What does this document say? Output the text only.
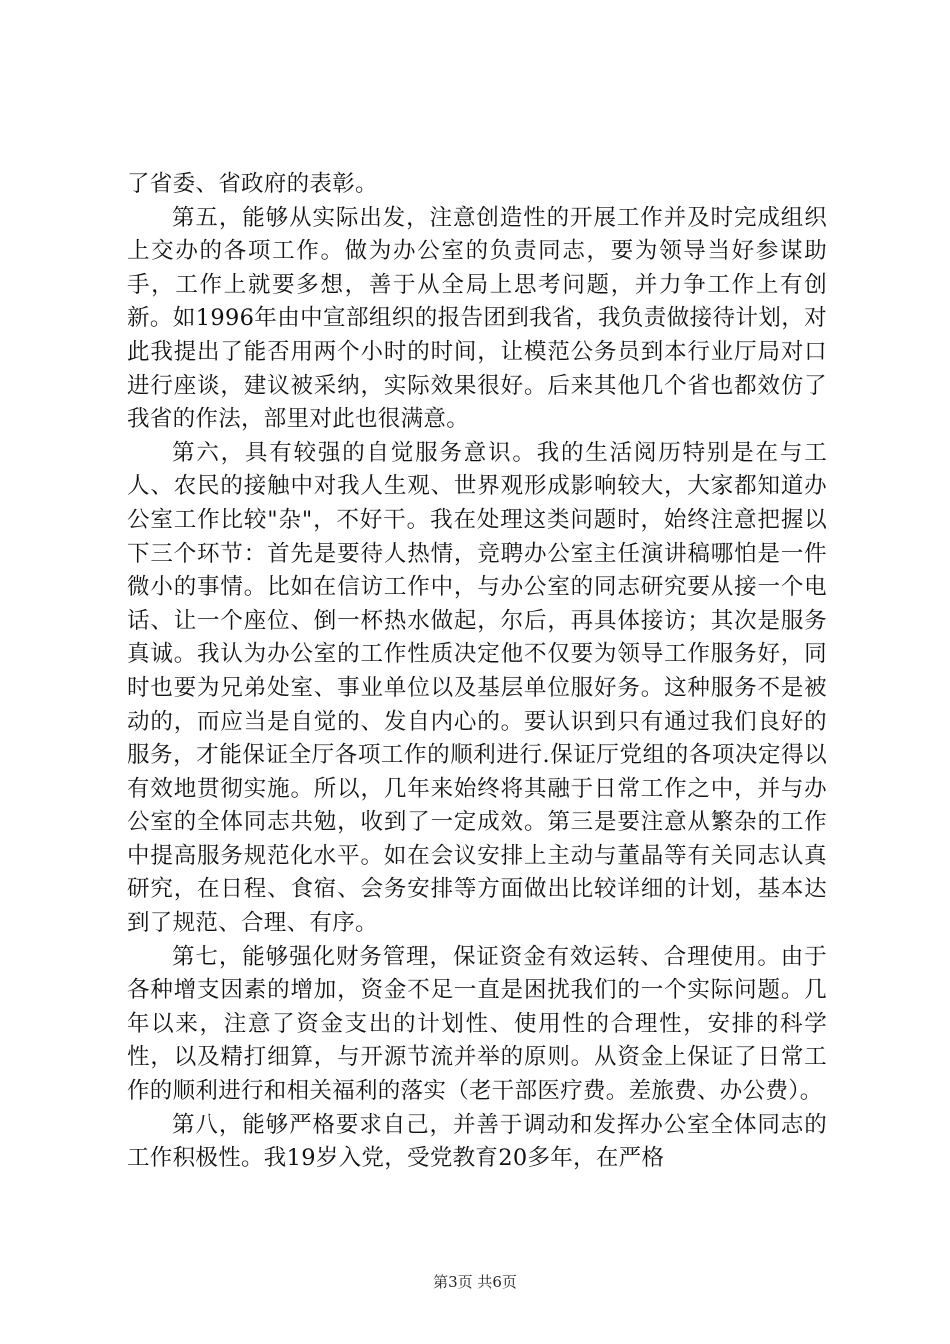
了省委、省政府的表彰。

第五，能够从实际出发，注意创造性的开展工作并及时完成组织上交办的各项工作。做为办公室的负责同志，要为领导当好参谋助手，工作上就要多想，善于从全局上思考问题，并力争工作上有创新。如1996年由中宣部组织的报告团到我省，我负责做接待计划，对此我提出了能否用两个小时的时间，让模范公务员到本行业厅局对口进行座谈，建议被采纳，实际效果很好。后来其他几个省也都效仿了我省的作法，部里对此也很满意。

第六，具有较强的自觉服务意识。我的生活阅历特别是在与工人、农民的接触中对我人生观、世界观形成影响较大，大家都知道办公室工作比较"杂"，不好干。我在处理这类问题时，始终注意把握以下三个环节：首先是要待人热情，竞聘办公室主任演讲稿哪怕是一件微小的事情。比如在信访工作中，与办公室的同志研究要从接一个电话、让一个座位、倒一杯热水做起，尔后，再具体接访；其次是服务真诚。我认为办公室的工作性质决定他不仅要为领导工作服务好，同时也要为兄弟处室、事业单位以及基层单位服好务。这种服务不是被动的，而应当是自觉的、发自内心的。要认识到只有通过我们良好的服务，才能保证全厅各项工作的顺利进行.保证厅党组的各项决定得以有效地贯彻实施。所以，几年来始终将其融于日常工作之中，并与办公室的全体同志共勉，收到了一定成效。第三是要注意从繁杂的工作中提高服务规范化水平。如在会议安排上主动与董晶等有关同志认真研究，在日程、食宿、会务安排等方面做出比较详细的计划，基本达到了规范、合理、有序。

第七，能够强化财务管理，保证资金有效运转、合理使用。由于各种增支因素的增加，资金不足一直是困扰我们的一个实际问题。几年以来，注意了资金支出的计划性、使用性的合理性，安排的科学性，以及精打细算，与开源节流并举的原则。从资金上保证了日常工作的顺利进行和相关福利的落实（老干部医疗费。差旅费、办公费）。

第八，能够严格要求自己，并善于调动和发挥办公室全体同志的工作积极性。我19岁入党，受党教育20多年，在严格

第3页 共6页
